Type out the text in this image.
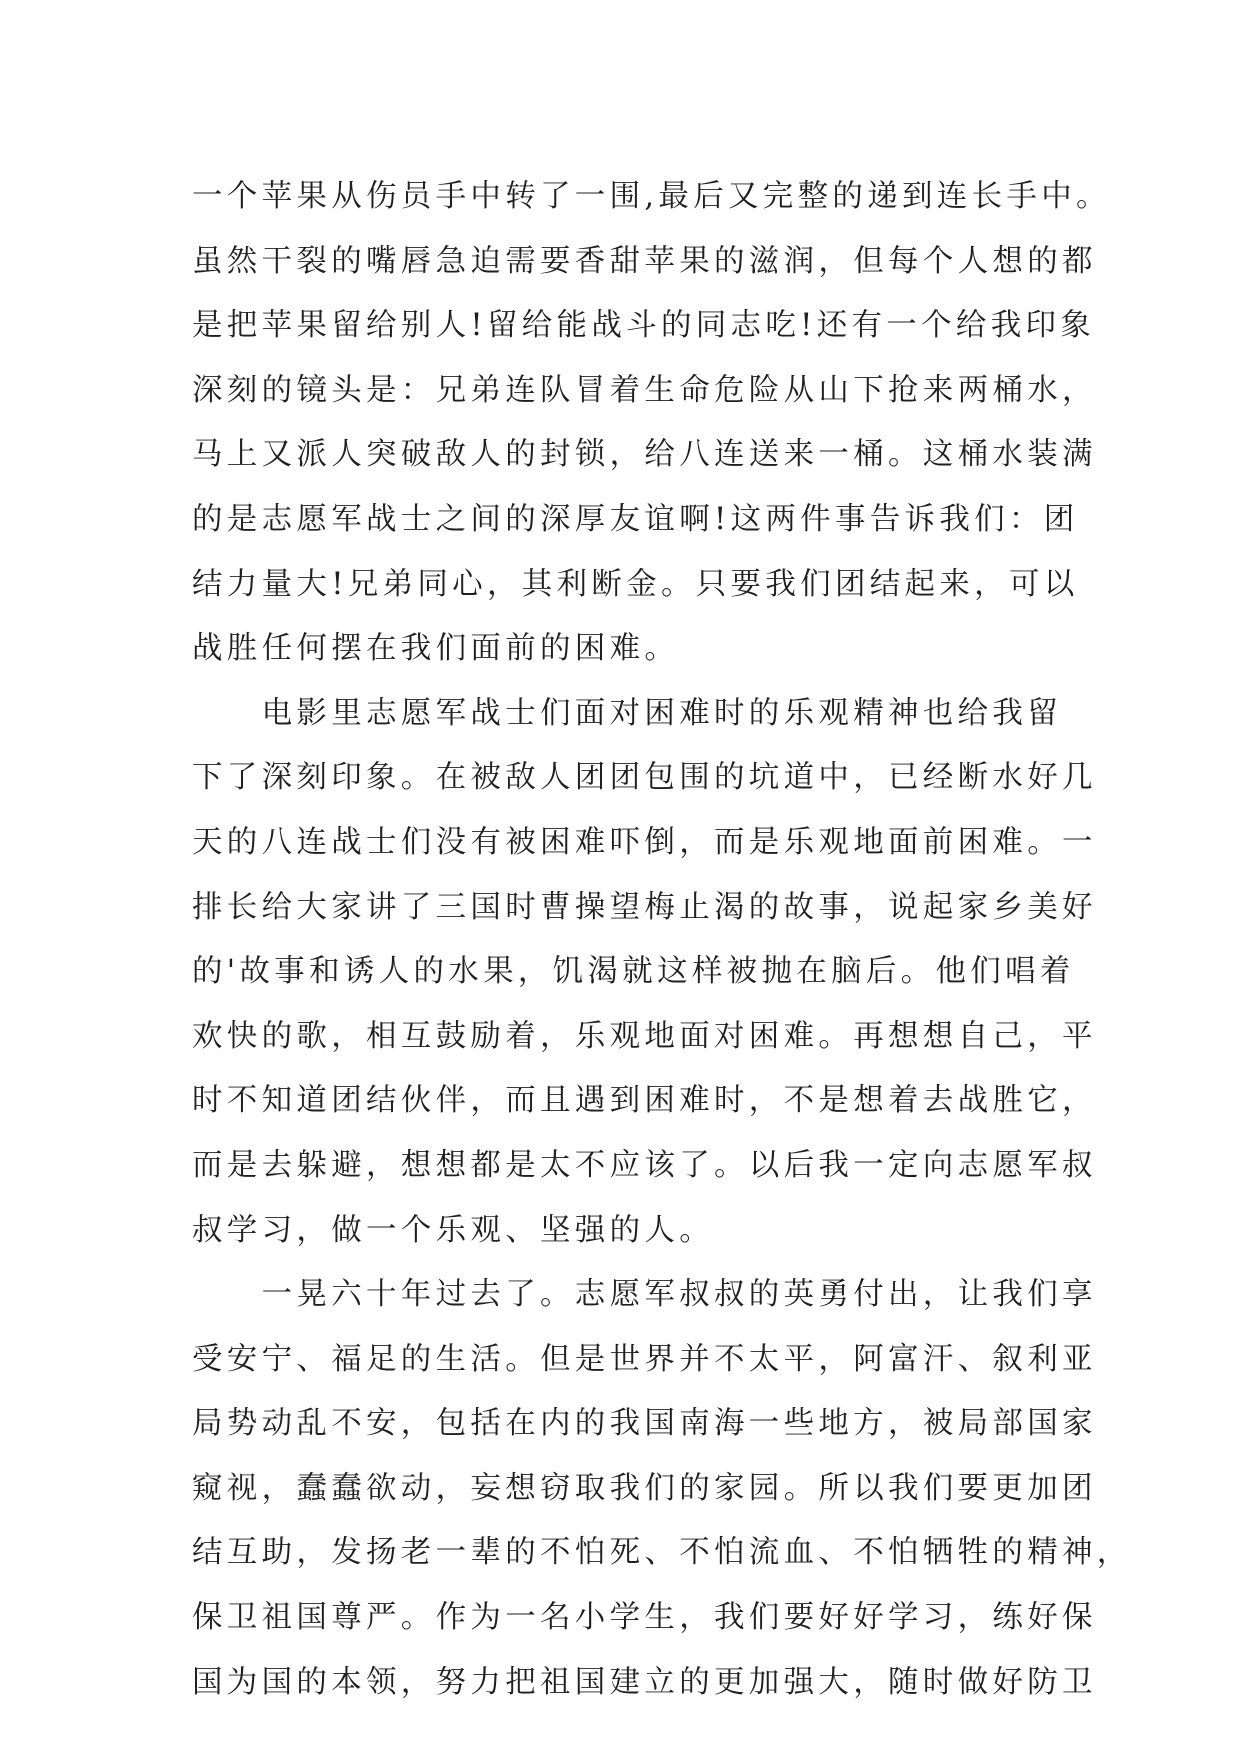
一个苹果从伤员手中转了一围,最后又完整的递到连长手中。
虽然干裂的嘴唇急迫需要香甜苹果的滋润，但每个人想的都
是把苹果留给别人!留给能战斗的同志吃!还有一个给我印象
深刻的镜头是：兄弟连队冒着生命危险从山下抢来两桶水，
马上又派人突破敌人的封锁，给八连送来一桶。这桶水装满
的是志愿军战士之间的深厚友谊啊!这两件事告诉我们：团
结力量大!兄弟同心，其利断金。只要我们团结起来，可以
战胜任何摆在我们面前的困难。
　　电影里志愿军战士们面对困难时的乐观精神也给我留
下了深刻印象。在被敌人团团包围的坑道中，已经断水好几
天的八连战士们没有被困难吓倒，而是乐观地面前困难。一
排长给大家讲了三国时曹操望梅止渴的故事，说起家乡美好
的'故事和诱人的水果，饥渴就这样被抛在脑后。他们唱着
欢快的歌，相互鼓励着，乐观地面对困难。再想想自己，平
时不知道团结伙伴，而且遇到困难时，不是想着去战胜它，
而是去躲避，想想都是太不应该了。以后我一定向志愿军叔
叔学习，做一个乐观、坚强的人。
　　一晃六十年过去了。志愿军叔叔的英勇付出，让我们享
受安宁、福足的生活。但是世界并不太平，阿富汗、叙利亚
局势动乱不安，包括在内的我国南海一些地方，被局部国家
窥视，蠢蠢欲动，妄想窃取我们的家园。所以我们要更加团
结互助，发扬老一辈的不怕死、不怕流血、不怕牺牲的精神，
保卫祖国尊严。作为一名小学生，我们要好好学习，练好保
国为国的本领，努力把祖国建立的更加强大，随时做好防卫
